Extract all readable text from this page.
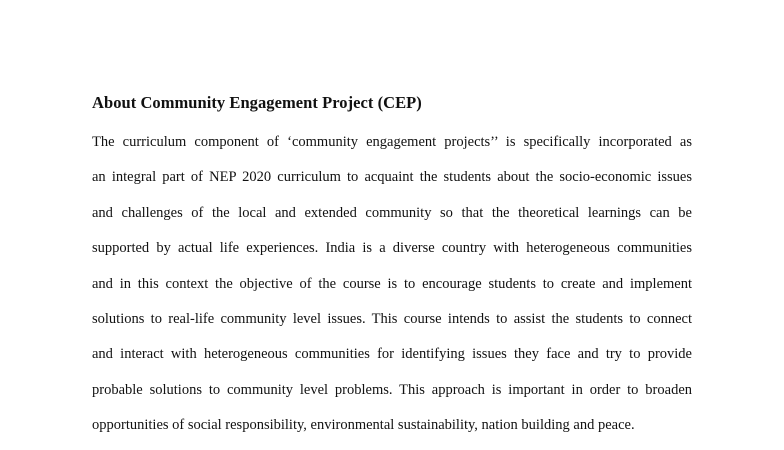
About Community Engagement Project (CEP)
The curriculum component of ‘community engagement projects’’ is specifically incorporated as
an integral part of NEP 2020 curriculum to acquaint the students about the socio-economic issues
and challenges of the local and extended community so that the theoretical learnings can be
supported by actual life experiences. India is a diverse country with heterogeneous communities
and in this context the objective of the course is to encourage students to create and implement
solutions to real-life community level issues. This course intends to assist the students to connect
and interact with heterogeneous communities for identifying issues they face and try to provide
probable solutions to community level problems. This approach is important in order to broaden
opportunities of social responsibility, environmental sustainability, nation building and peace.
